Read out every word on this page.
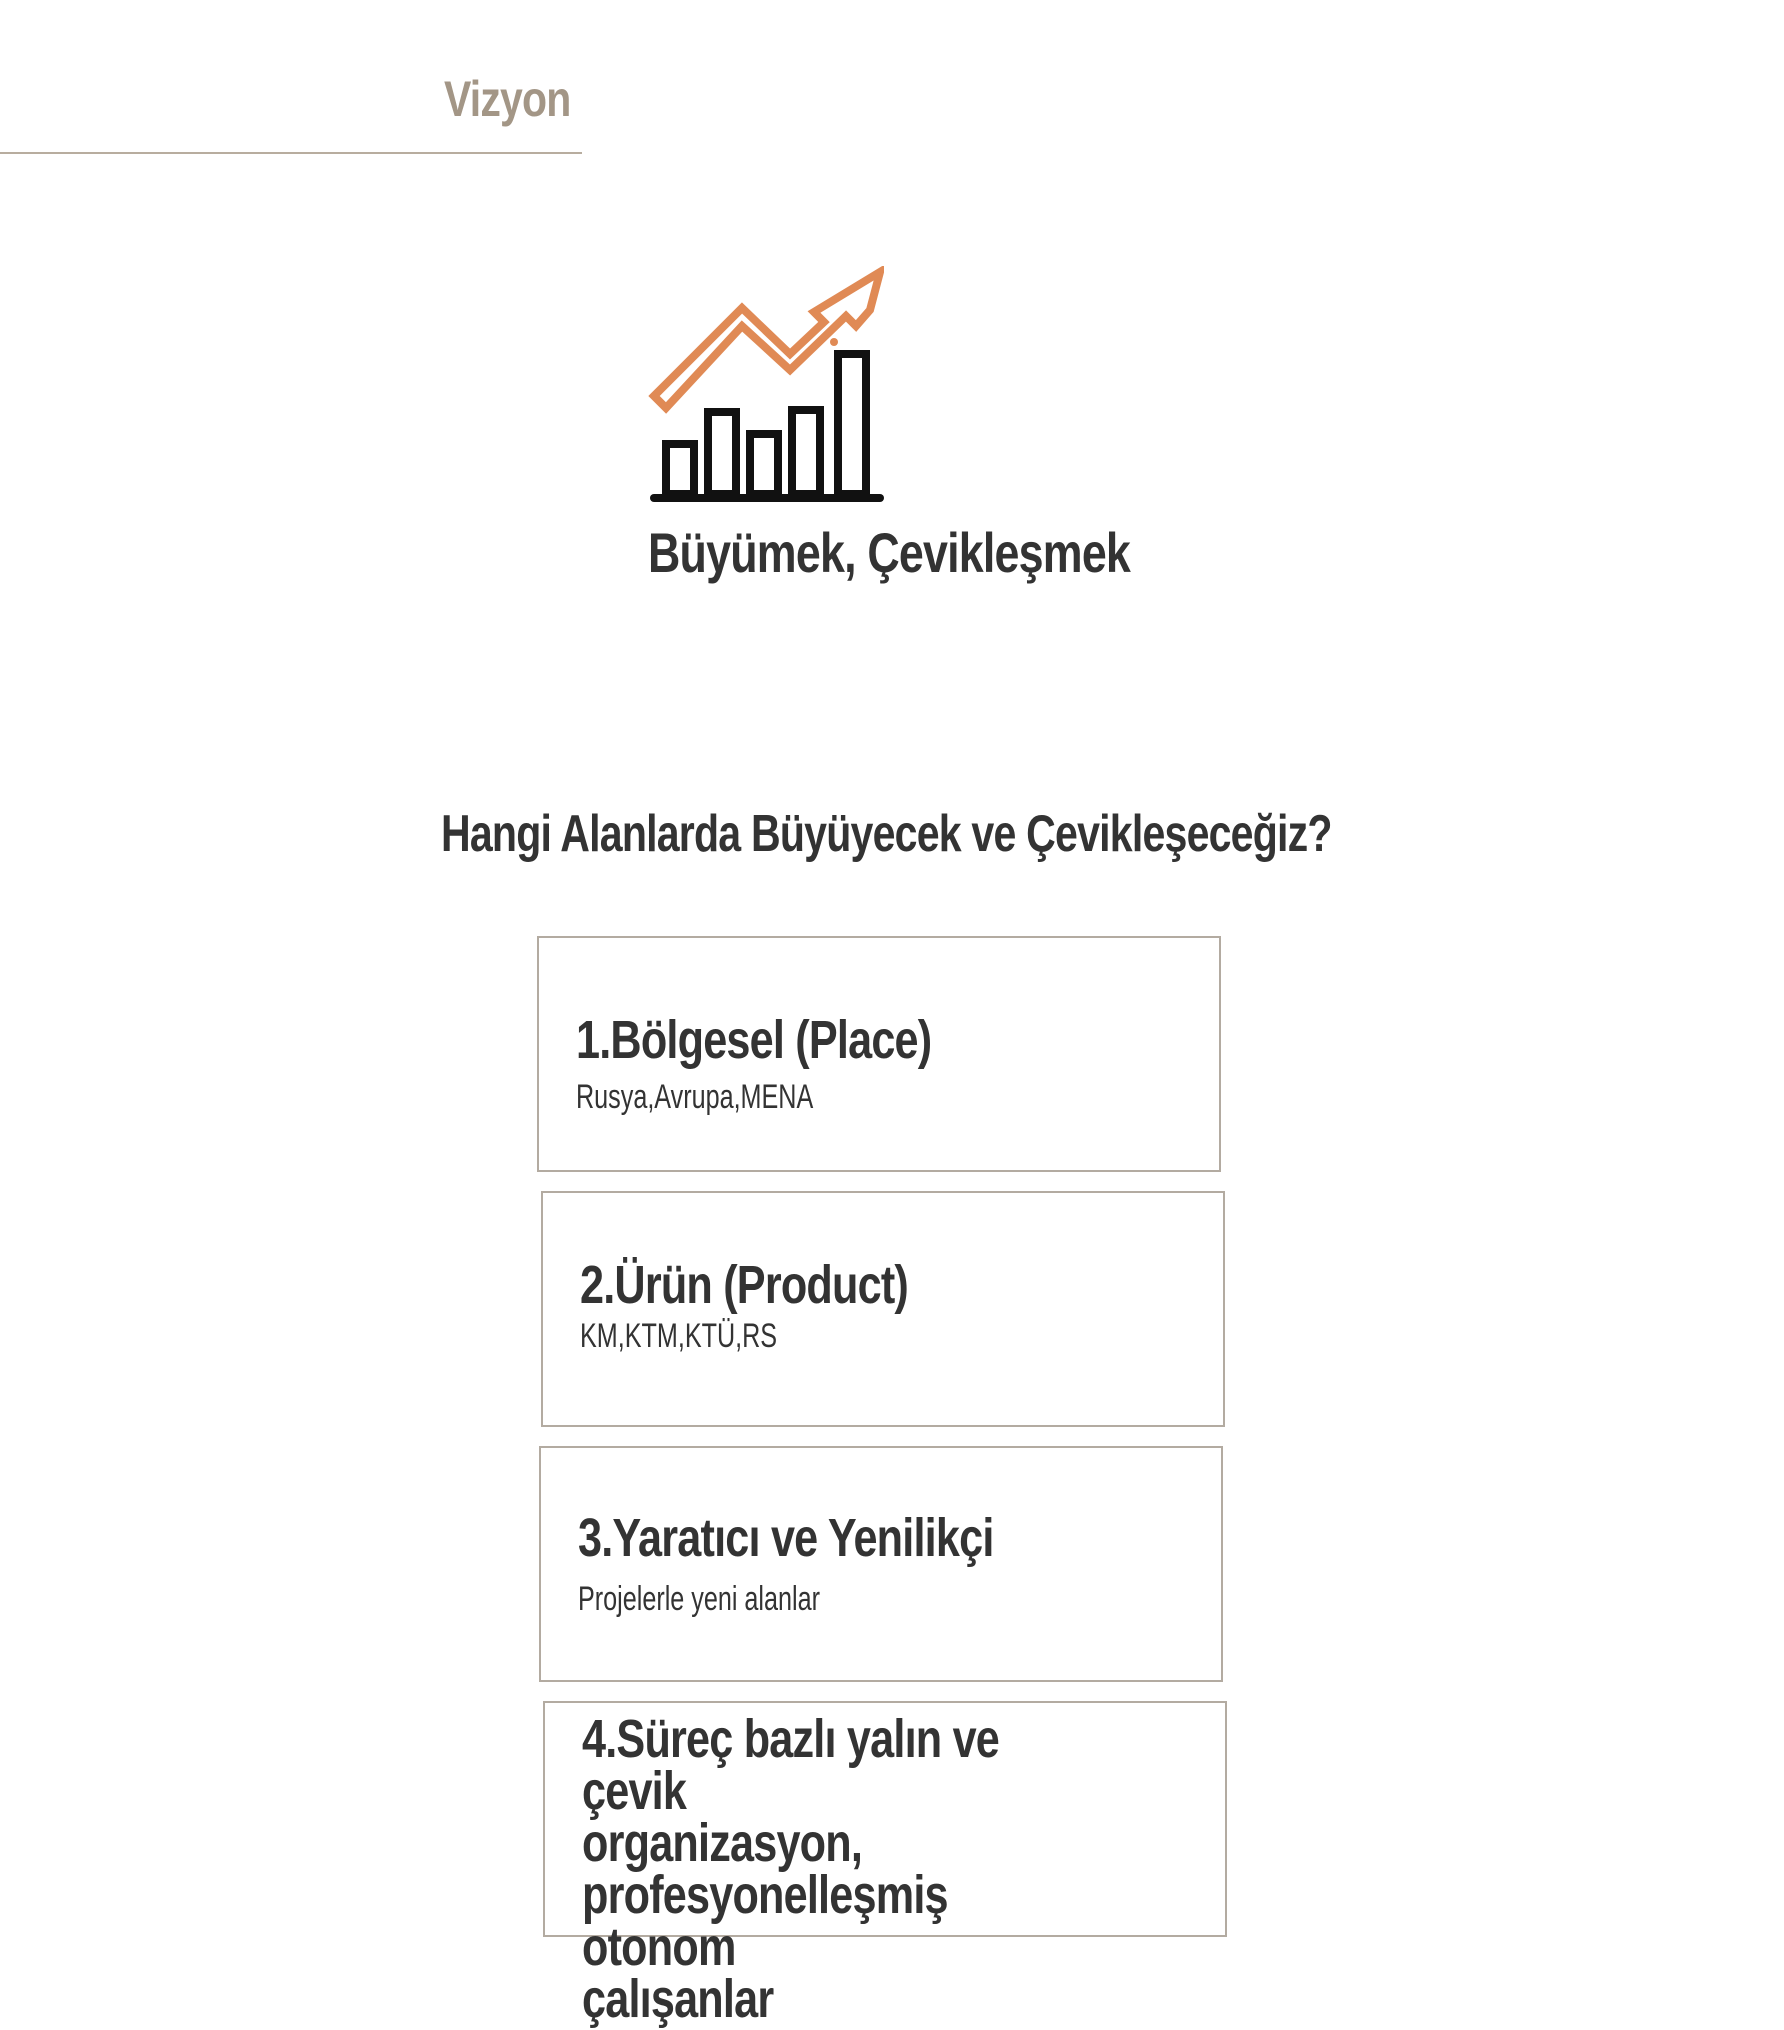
Vizyon
Büyümek, Çevikleşmek
Hangi Alanlarda Büyüyecek ve Çevikleşeceğiz?
1.Bölgesel (Place)
Rusya,Avrupa,MENA
2.Ürün (Product)
KM,KTM,KTÜ,RS
3.Yaratıcı ve Yenilikçi
Projelerle yeni alanlar
4.Süreç bazlı yalın ve çevik
organizasyon,
profesyonelleşmiş otonom
çalışanlar
